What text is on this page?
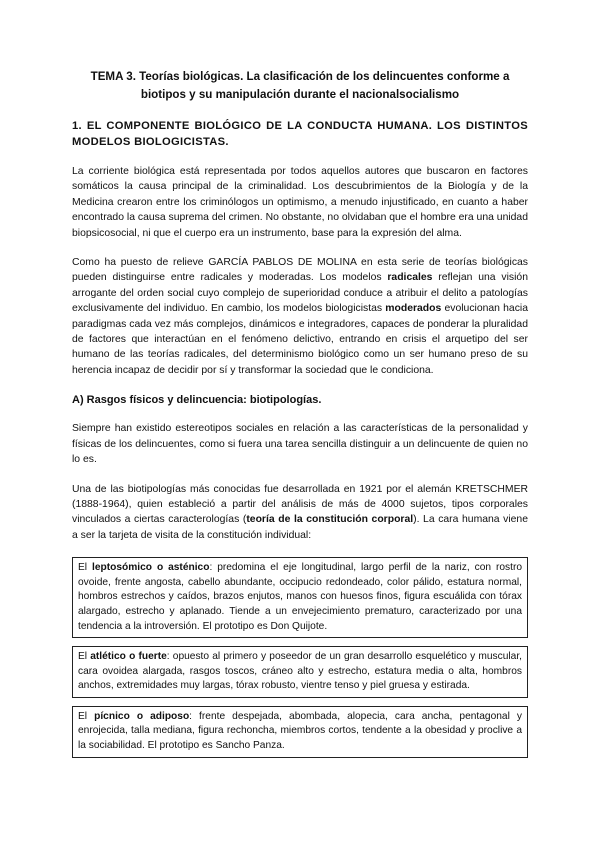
TEMA 3. Teorías biológicas. La clasificación de los delincuentes conforme a biotipos y su manipulación durante el nacionalsocialismo
1. EL COMPONENTE BIOLÓGICO DE LA CONDUCTA HUMANA. LOS DISTINTOS MODELOS BIOLOGICISTAS.

La corriente biológica está representada por todos aquellos autores que buscaron en factores somáticos la causa principal de la criminalidad. Los descubrimientos de la Biología y de la Medicina crearon entre los criminólogos un optimismo, a menudo injustificado, en cuanto a haber encontrado la causa suprema del crimen. No obstante, no olvidaban que el hombre era una unidad biopsicosocial, ni que el cuerpo era un instrumento, base para la expresión del alma.

Como ha puesto de relieve GARCÍA PABLOS DE MOLINA en esta serie de teorías biológicas pueden distinguirse entre radicales y moderadas. Los modelos radicales reflejan una visión arrogante del orden social cuyo complejo de superioridad conduce a atribuir el delito a patologías exclusivamente del individuo. En cambio, los modelos biologicistas moderados evolucionan hacia paradigmas cada vez más complejos, dinámicos e integradores, capaces de ponderar la pluralidad de factores que interactúan en el fenómeno delictivo, entrando en crisis el arquetipo del ser humano de las teorías radicales, del determinismo biológico como un ser humano preso de su herencia incapaz de decidir por sí y transformar la sociedad que le condiciona.

A) Rasgos físicos y delincuencia: biotipologías.

Siempre han existido estereotipos sociales en relación a las características de la personalidad y físicas de los delincuentes, como si fuera una tarea sencilla distinguir a un delincuente de quien no lo es.

Una de las biotipologías más conocidas fue desarrollada en 1921 por el alemán KRETSCHMER (1888-1964), quien estableció a partir del análisis de más de 4000 sujetos, tipos corporales vinculados a ciertas caracterologías (teoría de la constitución corporal). La cara humana viene a ser la tarjeta de visita de la constitución individual:

El leptosómico o asténico: predomina el eje longitudinal, largo perfil de la nariz, con rostro ovoide, frente angosta, cabello abundante, occipucio redondeado, color pálido, estatura normal, hombros estrechos y caídos, brazos enjutos, manos con huesos finos, figura escuálida con tórax alargado, estrecho y aplanado. Tiende a un envejecimiento prematuro, caracterizado por una tendencia a la introversión. El prototipo es Don Quijote.
El atlético o fuerte: opuesto al primero y poseedor de un gran desarrollo esquelético y muscular, cara ovoidea alargada, rasgos toscos, cráneo alto y estrecho, estatura media o alta, hombros anchos, extremidades muy largas, tórax robusto, vientre tenso y piel gruesa y estirada.
El pícnico o adiposo: frente despejada, abombada, alopecia, cara ancha, pentagonal y enrojecida, talla mediana, figura rechoncha, miembros cortos, tendente a la obesidad y proclive a la sociabilidad. El prototipo es Sancho Panza.
